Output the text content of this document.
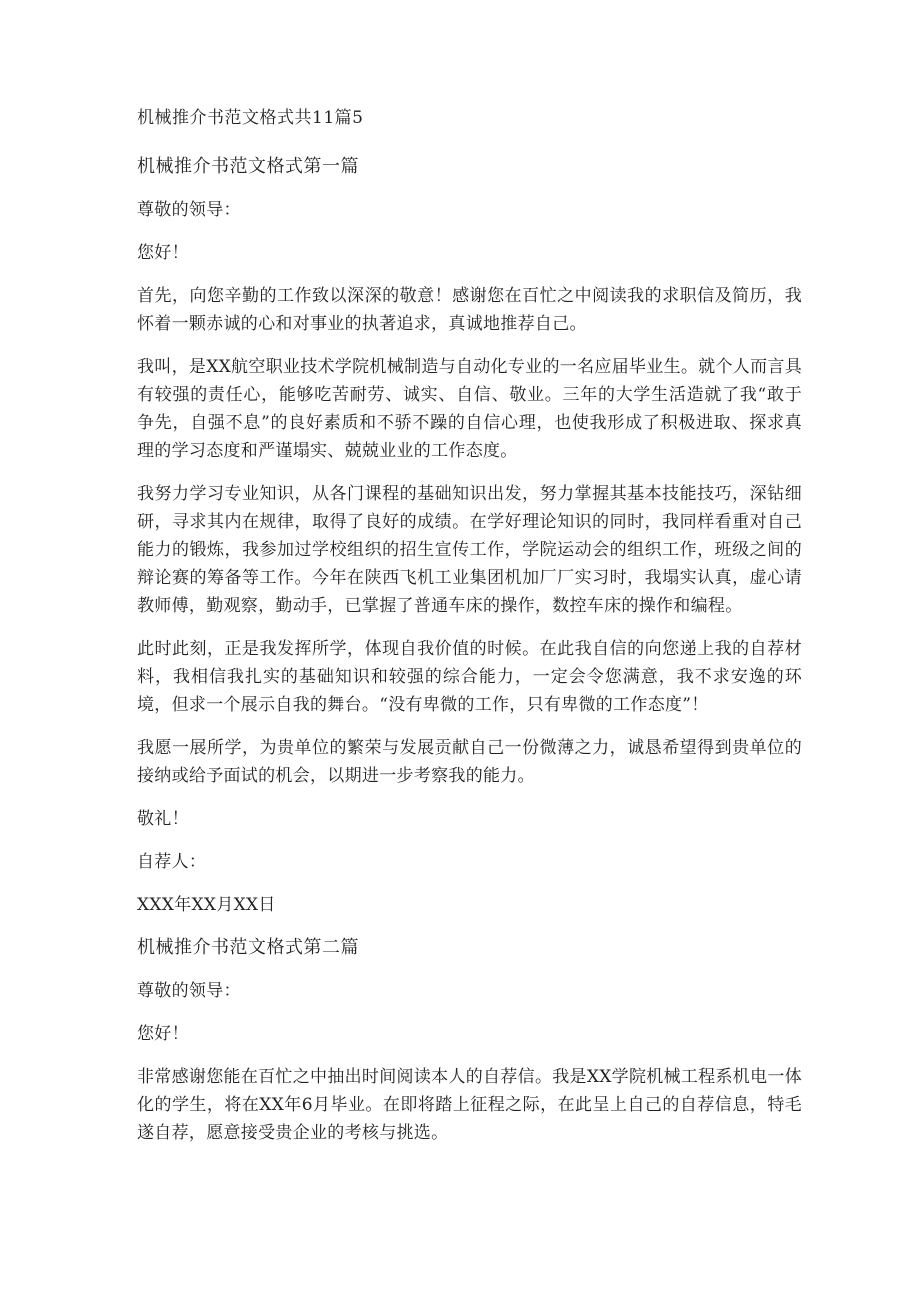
机械推介书范文格式共11篇5
机械推介书范文格式第一篇
尊敬的领导：
您好！
首先，向您辛勤的工作致以深深的敬意！感谢您在百忙之中阅读我的求职信及简历，我怀着一颗赤诚的心和对事业的执著追求，真诚地推荐自己。
我叫，是XX航空职业技术学院机械制造与自动化专业的一名应届毕业生。就个人而言具有较强的责任心，能够吃苦耐劳、诚实、自信、敬业。三年的大学生活造就了我“敢于争先，自强不息”的良好素质和不骄不躁的自信心理，也使我形成了积极进取、探求真理的学习态度和严谨塌实、兢兢业业的工作态度。
我努力学习专业知识，从各门课程的基础知识出发，努力掌握其基本技能技巧，深钻细研，寻求其内在规律，取得了良好的成绩。在学好理论知识的同时，我同样看重对自己能力的锻炼，我参加过学校组织的招生宣传工作，学院运动会的组织工作，班级之间的辩论赛的筹备等工作。今年在陕西飞机工业集团机加厂厂实习时，我塌实认真，虚心请教师傅，勤观察，勤动手，已掌握了普通车床的操作，数控车床的操作和编程。
此时此刻，正是我发挥所学，体现自我价值的时候。在此我自信的向您递上我的自荐材料，我相信我扎实的基础知识和较强的综合能力，一定会令您满意，我不求安逸的环境，但求一个展示自我的舞台。“没有卑微的工作，只有卑微的工作态度”！
我愿一展所学，为贵单位的繁荣与发展贡献自己一份微薄之力，诚恳希望得到贵单位的接纳或给予面试的机会，以期进一步考察我的能力。
敬礼！
自荐人：
XXX年XX月XX日
机械推介书范文格式第二篇
尊敬的领导：
您好！
非常感谢您能在百忙之中抽出时间阅读本人的自荐信。我是XX学院机械工程系机电一体化的学生，将在XX年6月毕业。在即将踏上征程之际，在此呈上自己的自荐信息，特毛遂自荐，愿意接受贵企业的考核与挑选。
